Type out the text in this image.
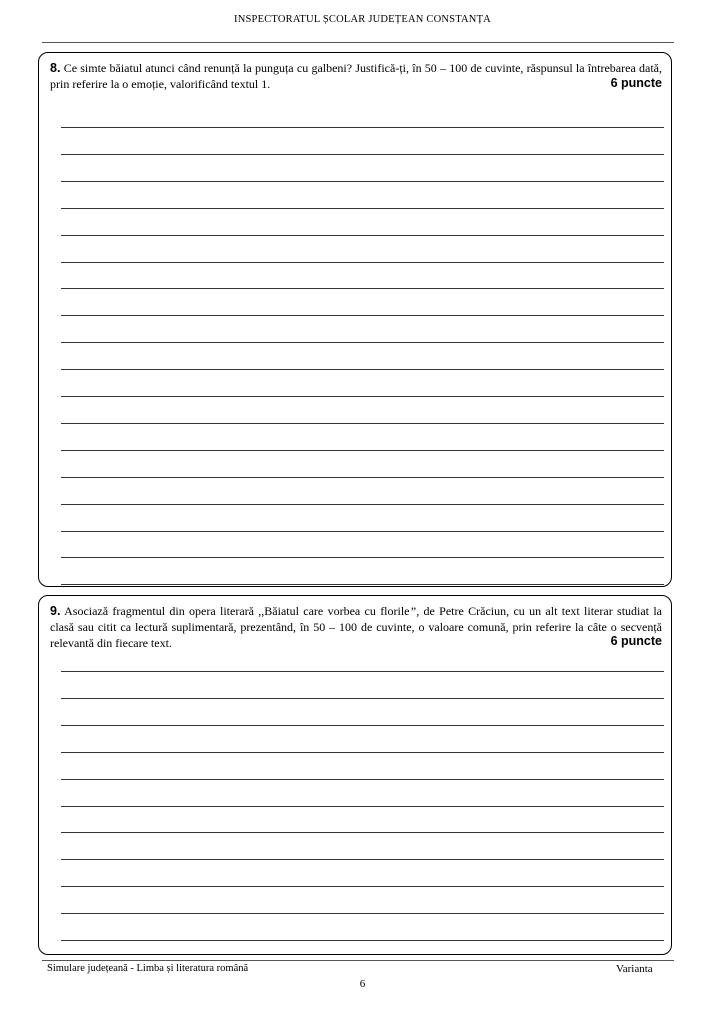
INSPECTORATUL ȘCOLAR JUDEȚEAN CONSTANȚA
8. Ce simte băiatul atunci când renunță la punguța cu galbeni? Justifică-ți, în 50 – 100 de cuvinte, răspunsul la întrebarea dată, prin referire la o emoție, valorificând textul 1.	6 puncte
9. Asociază fragmentul din opera literară ,,Băiatul care vorbea cu florile”, de Petre Crăciun, cu un alt text literar studiat la clasă sau citit ca lectură suplimentară, prezentând, în 50 – 100 de cuvinte, o valoare comună, prin referire la câte o secvență relevantă din fiecare text.	6 puncte
Simulare județeană - Limba și literatura română	Varianta
6
